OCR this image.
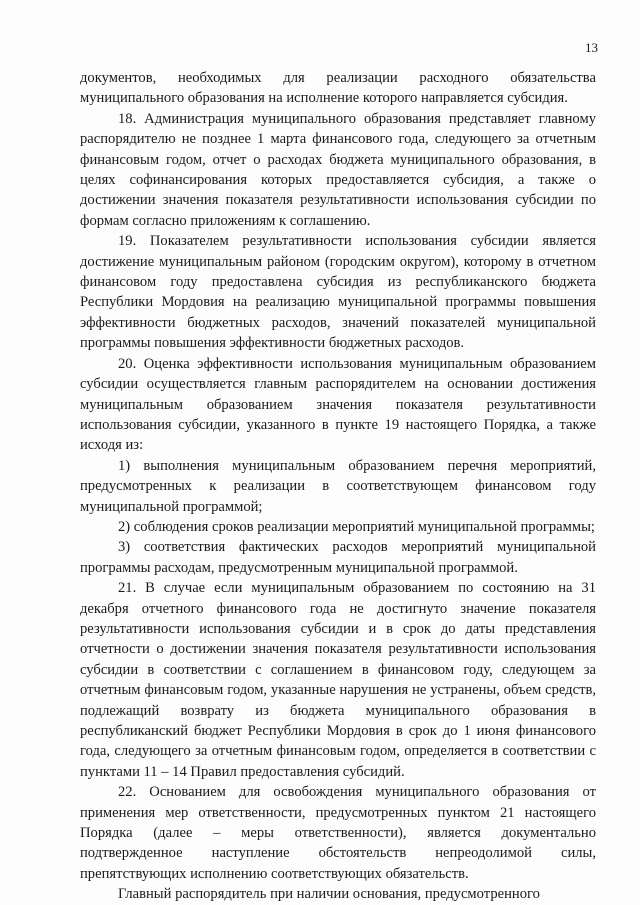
13

документов, необходимых для реализации расходного обязательства муниципального образования на исполнение которого направляется субсидия.

18. Администрация муниципального образования представляет главному распорядителю не позднее 1 марта финансового года, следующего за отчетным финансовым годом, отчет о расходах бюджета муниципального образования, в целях софинансирования которых предоставляется субсидия, а также о достижении значения показателя результативности использования субсидии по формам согласно приложениям к соглашению.

19. Показателем результативности использования субсидии является достижение муниципальным районом (городским округом), которому в отчетном финансовом году предоставлена субсидия из республиканского бюджета Республики Мордовия на реализацию муниципальной программы повышения эффективности бюджетных расходов, значений показателей муниципальной программы повышения эффективности бюджетных расходов.

20. Оценка эффективности использования муниципальным образованием субсидии осуществляется главным распорядителем на основании достижения муниципальным образованием значения показателя результативности использования субсидии, указанного в пункте 19 настоящего Порядка, а также исходя из:

1) выполнения муниципальным образованием перечня мероприятий, предусмотренных к реализации в соответствующем финансовом году муниципальной программой;

2) соблюдения сроков реализации мероприятий муниципальной программы;

3) соответствия фактических расходов мероприятий муниципальной программы расходам, предусмотренным муниципальной программой.

21. В случае если муниципальным образованием по состоянию на 31 декабря отчетного финансового года не достигнуто значение показателя результативности использования субсидии и в срок до даты представления отчетности о достижении значения показателя результативности использования субсидии в соответствии с соглашением в финансовом году, следующем за отчетным финансовым годом, указанные нарушения не устранены, объем средств, подлежащий возврату из бюджета муниципального образования в республиканский бюджет Республики Мордовия в срок до 1 июня финансового года, следующего за отчетным финансовым годом, определяется в соответствии с пунктами 11 – 14 Правил предоставления субсидий.

22. Основанием для освобождения муниципального образования от применения мер ответственности, предусмотренных пунктом 21 настоящего Порядка (далее – меры ответственности), является документально подтвержденное наступление обстоятельств непреодолимой силы, препятствующих исполнению соответствующих обязательств.

Главный распорядитель при наличии основания, предусмотренного
